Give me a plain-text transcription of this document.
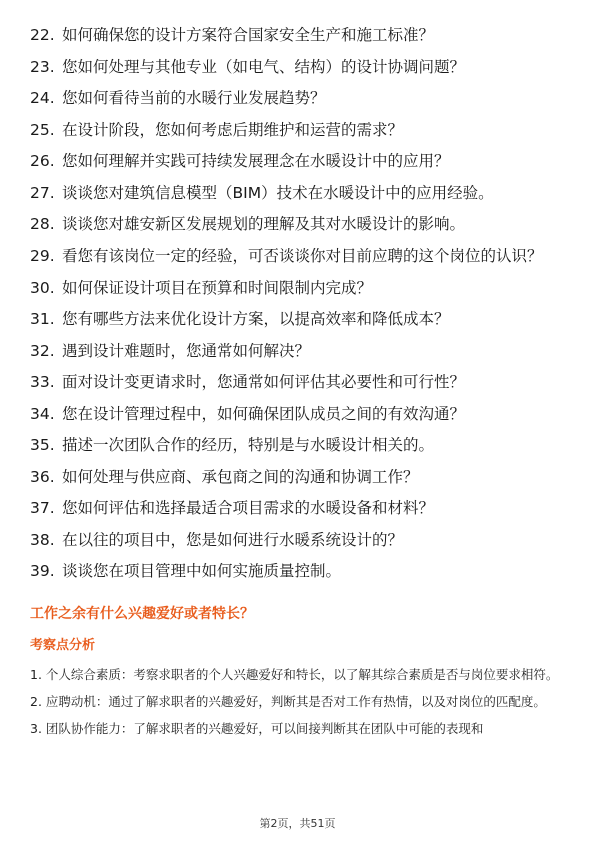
22. 如何确保您的设计方案符合国家安全生产和施工标准？
23. 您如何处理与其他专业（如电气、结构）的设计协调问题？
24. 您如何看待当前的水暖行业发展趋势？
25. 在设计阶段，您如何考虑后期维护和运营的需求？
26. 您如何理解并实践可持续发展理念在水暖设计中的应用？
27. 谈谈您对建筑信息模型（BIM）技术在水暖设计中的应用经验。
28. 谈谈您对雄安新区发展规划的理解及其对水暖设计的影响。
29. 看您有该岗位一定的经验，可否谈谈你对目前应聘的这个岗位的认识？
30. 如何保证设计项目在预算和时间限制内完成？
31. 您有哪些方法来优化设计方案，以提高效率和降低成本？
32. 遇到设计难题时，您通常如何解决？
33. 面对设计变更请求时，您通常如何评估其必要性和可行性？
34. 您在设计管理过程中，如何确保团队成员之间的有效沟通？
35. 描述一次团队合作的经历，特别是与水暖设计相关的。
36. 如何处理与供应商、承包商之间的沟通和协调工作？
37. 您如何评估和选择最适合项目需求的水暖设备和材料？
38. 在以往的项目中，您是如何进行水暖系统设计的？
39. 谈谈您在项目管理中如何实施质量控制。
工作之余有什么兴趣爱好或者特长？
考察点分析
1. 个人综合素质：考察求职者的个人兴趣爱好和特长，以了解其综合素质是否与岗位要求相符。
2. 应聘动机：通过了解求职者的兴趣爱好，判断其是否对工作有热情，以及对岗位的匹配度。
3. 团队协作能力：了解求职者的兴趣爱好，可以间接判断其在团队中可能的表现和
第2页，共51页
